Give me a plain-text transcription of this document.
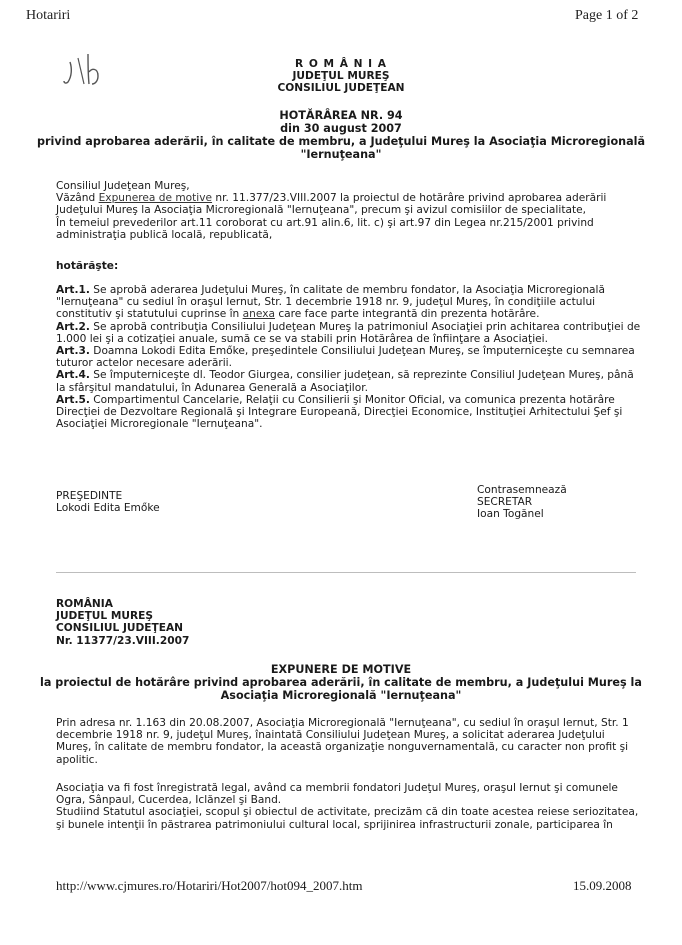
Hotariri	Page 1 of 2
R O M Â N I A
JUDEŢUL MUREŞ
CONSILIUL JUDEŢEAN
HOTĂRÂREA NR. 94
din 30 august 2007
privind aprobarea aderării, în calitate de membru, a Judeţului Mureş la Asociaţia Microregională
"Iernuţeana"
Consiliul Judeţean Mureş,
Văzând Expunerea de motive nr. 11.377/23.VIII.2007 la proiectul de hotărâre privind aprobarea aderării
Judeţului Mureş la Asociaţia Microregională "Iernuţeana", precum şi avizul comisiilor de specialitate,
În temeiul prevederilor art.11 coroborat cu art.91 alin.6, lit. c) şi art.97 din Legea nr.215/2001 privind
administraţia publică locală, republicată,
hotărăşte:

Art.1. Se aprobă aderarea Judeţului Mureş, în calitate de membru fondator, la Asociaţia Microregională

"Iernuţeana" cu sediul în oraşul Iernut, Str. 1 decembrie 1918 nr. 9, judeţul Mureş, în condiţiile actului

constitutiv şi statutului cuprinse în anexa care face parte integrantă din prezenta hotărâre.

Art.2. Se aprobă contribuţia Consiliului Judeţean Mureş la patrimoniul Asociaţiei prin achitarea contribuţiei de

1.000 lei şi a cotizaţiei anuale, sumă ce se va stabili prin Hotărârea de înfiinţare a Asociaţiei.

Art.3. Doamna Lokodi Edita Emőke, preşedintele Consiliului Judeţean Mureş, se împuterniceşte cu semnarea

tuturor actelor necesare aderării.

Art.4. Se împuterniceşte dl. Teodor Giurgea, consilier judeţean, să reprezinte Consiliul Judeţean Mureş, până

la sfârşitul mandatului, în Adunarea Generală a Asociaţilor.

Art.5. Compartimentul Cancelarie, Relaţii cu Consilierii şi Monitor Oficial, va comunica prezenta hotărâre

Direcţiei de Dezvoltare Regională şi Integrare Europeană, Direcţiei Economice, Instituţiei Arhitectului Şef şi

Asociaţiei Microregionale "Iernuţeana".

PREŞEDINTE
Lokodi Edita Emőke
Contrasemnează
SECRETAR
Ioan Togănel
ROMÂNIA
JUDEŢUL MUREŞ
CONSILIUL JUDEŢEAN
Nr. 11377/23.VIII.2007
EXPUNERE DE MOTIVE
la proiectul de hotărâre privind aprobarea aderării, în calitate de membru, a Judeţului Mureş la
Asociaţia Microregională "Iernuţeana"
Prin adresa nr. 1.163 din 20.08.2007, Asociaţia Microregională "Iernuţeana", cu sediul în oraşul Iernut, Str. 1
decembrie 1918 nr. 9, judeţul Mureş, înaintată Consiliului Judeţean Mureş, a solicitat aderarea Judeţului
Mureş, în calitate de membru fondator, la această organizaţie nonguvernamentală, cu caracter non profit şi
apolitic.
Asociaţia va fi fost înregistrată legal, având ca membrii fondatori Judeţul Mureş, oraşul Iernut şi comunele
Ogra, Sânpaul, Cucerdea, Iclănzel şi Band.
Studiind Statutul asociaţiei, scopul şi obiectul de activitate, precizăm că din toate acestea reiese seriozitatea,
şi bunele intenţii în păstrarea patrimoniului cultural local, sprijinirea infrastructurii zonale, participarea în
http://www.cjmures.ro/Hotariri/Hot2007/hot094_2007.htm	15.09.2008
